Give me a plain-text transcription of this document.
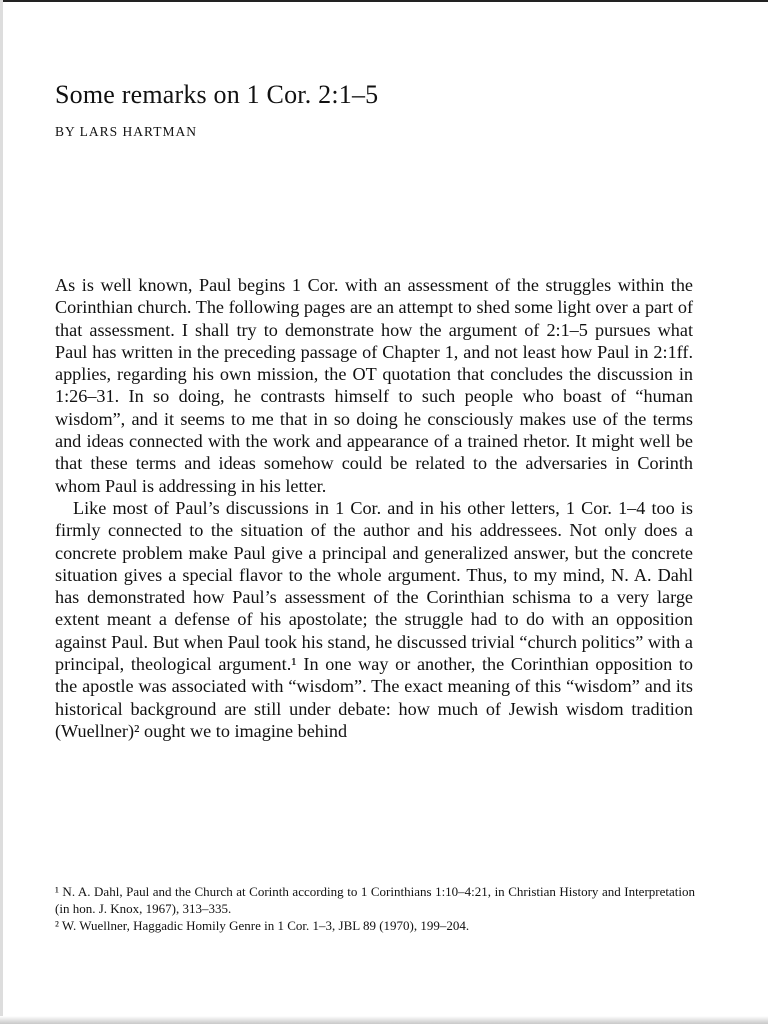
Some remarks on 1 Cor. 2:1–5
BY LARS HARTMAN

As is well known, Paul begins 1 Cor. with an assessment of the struggles within the Corinthian church. The following pages are an attempt to shed some light over a part of that assessment. I shall try to demonstrate how the argument of 2:1–5 pursues what Paul has written in the preceding passage of Chapter 1, and not least how Paul in 2:1ff. applies, regarding his own mission, the OT quotation that concludes the discussion in 1:26–31. In so doing, he contrasts himself to such people who boast of “human wisdom”, and it seems to me that in so doing he consciously makes use of the terms and ideas connected with the work and appearance of a trained rhetor. It might well be that these terms and ideas somehow could be related to the adversaries in Corinth whom Paul is addressing in his letter.

Like most of Paul’s discussions in 1 Cor. and in his other letters, 1 Cor. 1–4 too is firmly connected to the situation of the author and his addressees. Not only does a concrete problem make Paul give a principal and generalized answer, but the concrete situation gives a special flavor to the whole argument. Thus, to my mind, N. A. Dahl has demonstrated how Paul’s assessment of the Corinthian schisma to a very large extent meant a defense of his apostolate; the struggle had to do with an opposition against Paul. But when Paul took his stand, he discussed trivial “church politics” with a principal, theological argument.¹ In one way or another, the Corinthian opposition to the apostle was associated with “wisdom”. The exact meaning of this “wisdom” and its historical background are still under debate: how much of Jewish wisdom tradition (Wuellner)² ought we to imagine behind

¹ N. A. Dahl, Paul and the Church at Corinth according to 1 Corinthians 1:10–4:21, in Christian History and Interpretation (in hon. J. Knox, 1967), 313–335.
² W. Wuellner, Haggadic Homily Genre in 1 Cor. 1–3, JBL 89 (1970), 199–204.
